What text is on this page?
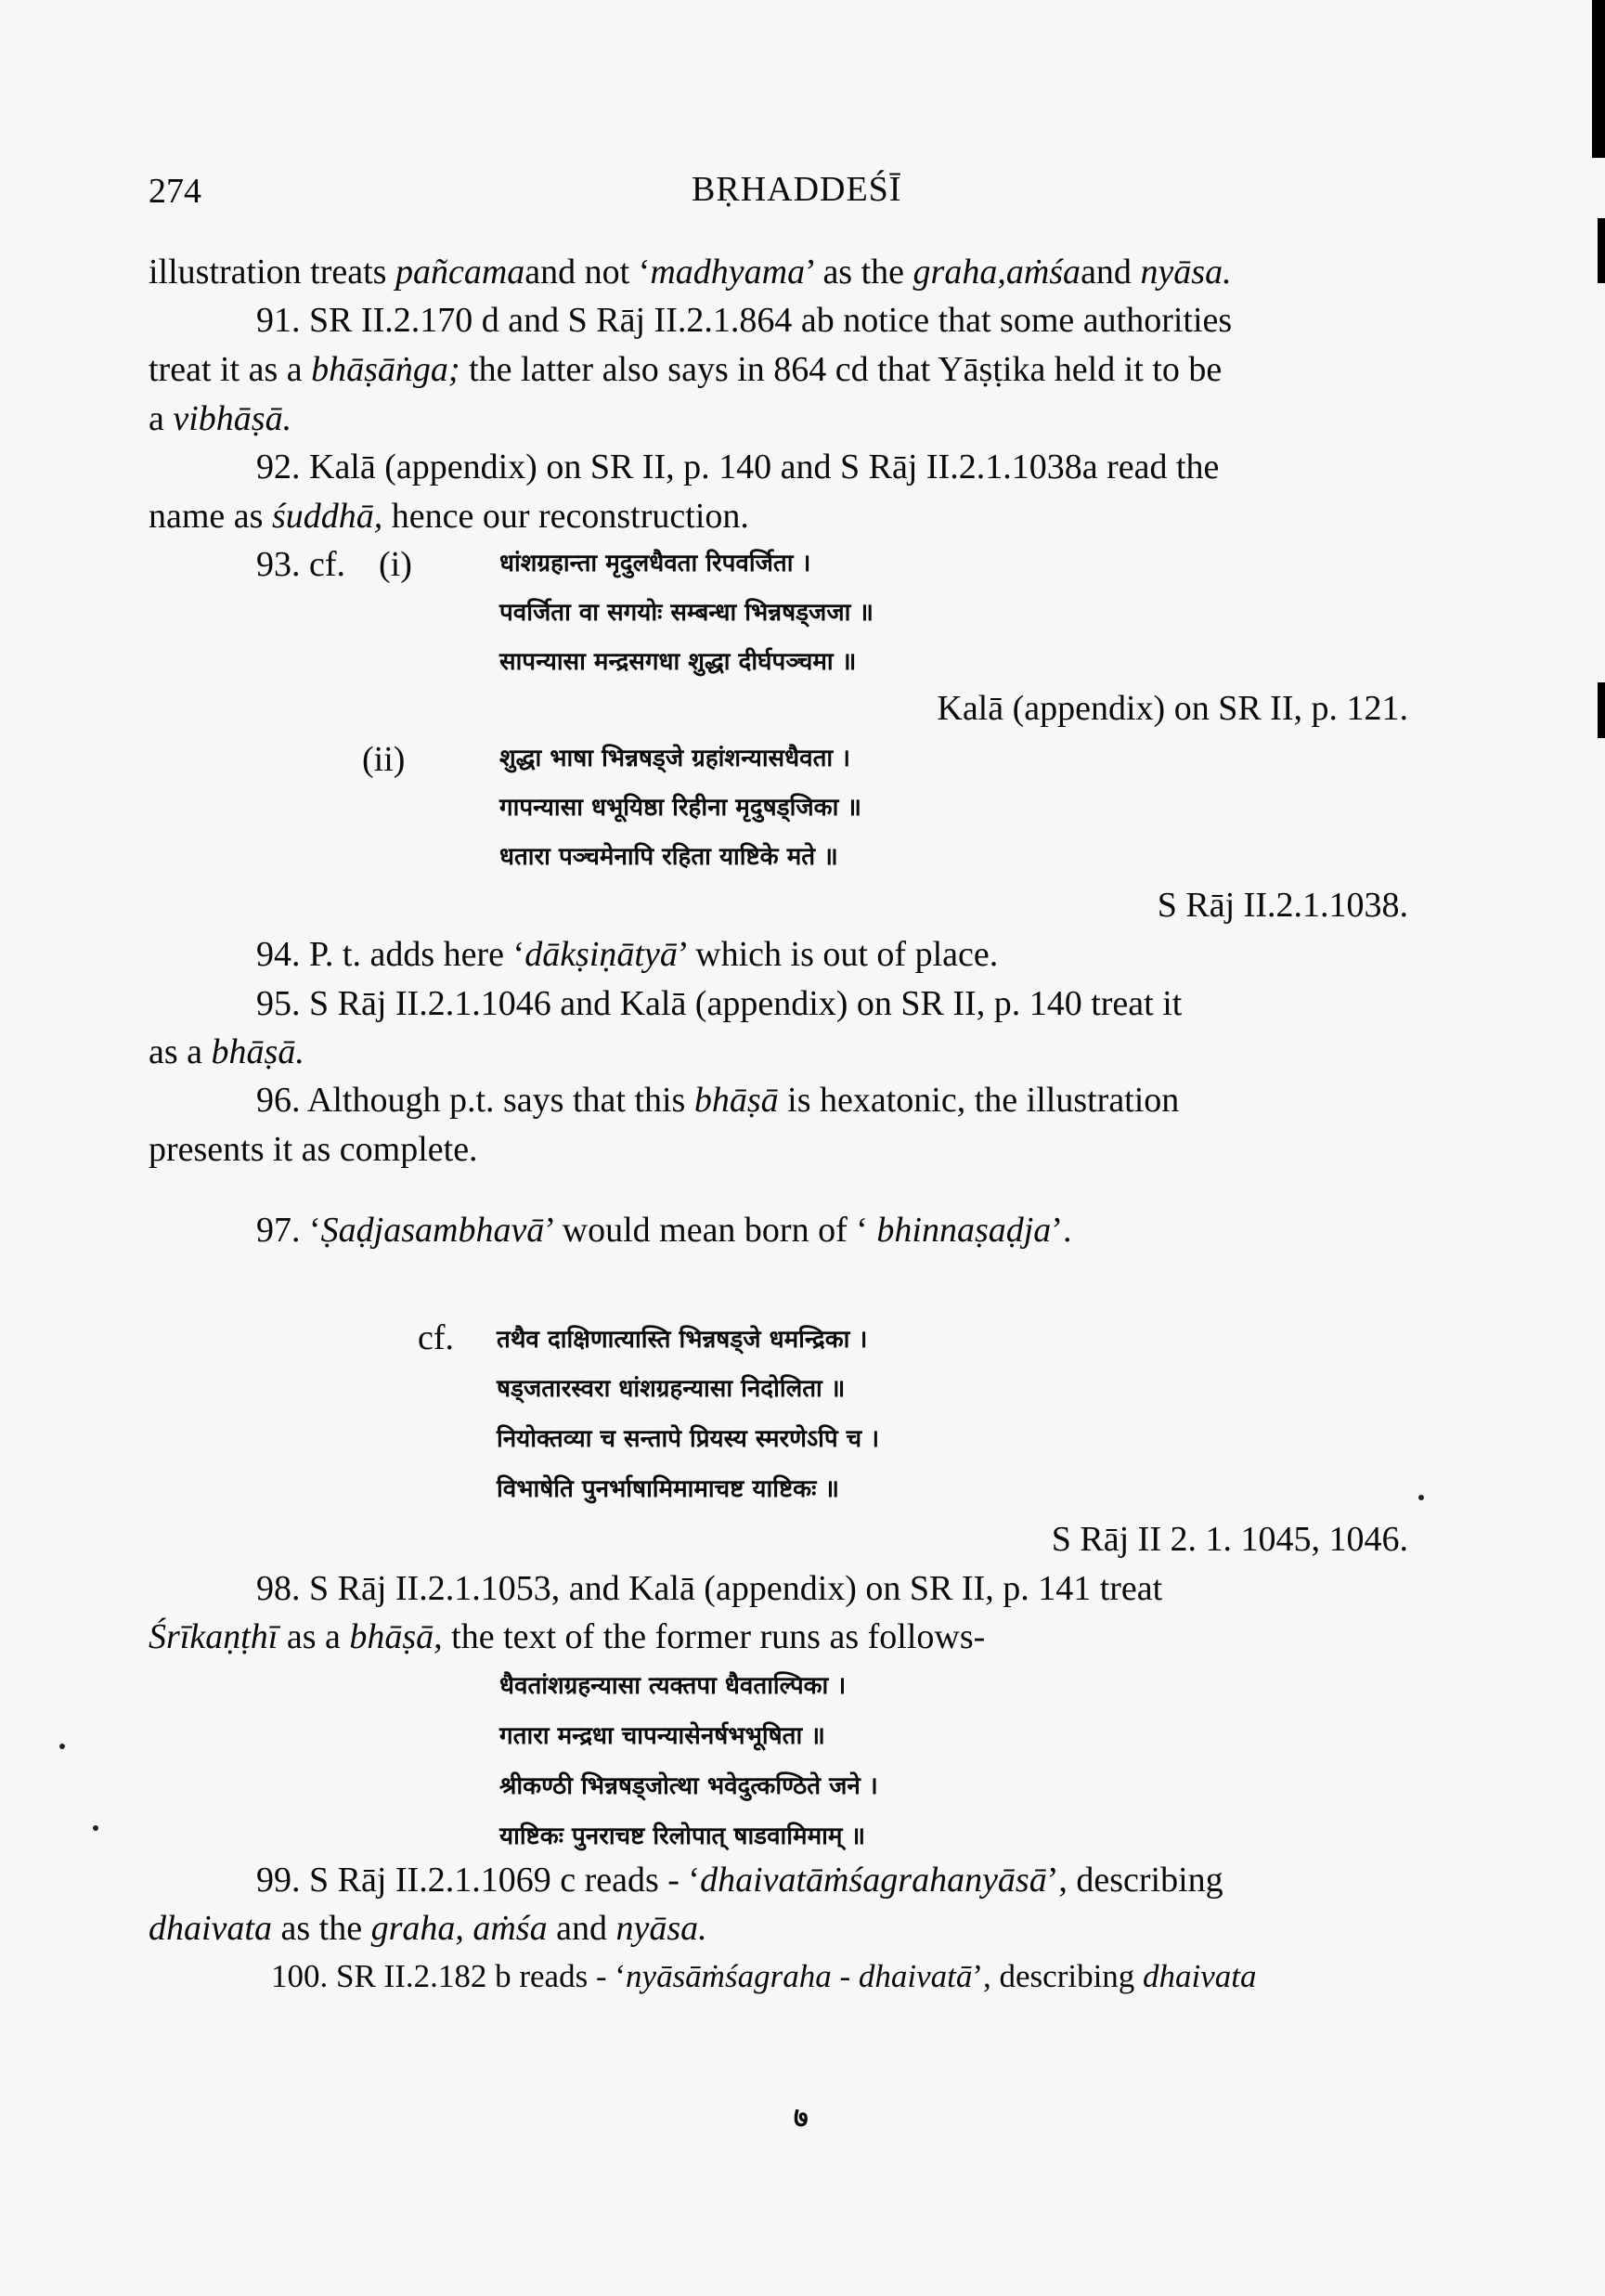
274	BṚHADDEŚĪ
illustration treats pañcamaand not ‘madhyama’ as the graha,aṁśaand nyāsa.
91. SR II.2.170 d and S Rāj II.2.1.864 ab notice that some authorities
treat it as a bhāṣāṅga; the latter also says in 864 cd that Yāṣṭika held it to be
a vibhāṣā.
92. Kalā (appendix) on SR II, p. 140 and S Rāj II.2.1.1038a read the
name as śuddhā, hence our reconstruction.
93. cf. (i)	धांशग्रहान्ता मृदुलधैवता रिपवर्जिता ।
पवर्जिता वा सगयोः सम्बन्धा भिन्नषड्जजा ॥
सापन्यासा मन्द्रसगधा शुद्धा दीर्घपञ्चमा ॥
Kalā (appendix) on SR II, p. 121.
(ii)	शुद्धा भाषा भिन्नषड्जे ग्रहांशन्यासधैवता ।
गापन्यासा धभूयिष्ठा रिहीना मृदुषड्जिका ॥
धतारा पञ्चमेनापि रहिता याष्टिके मते ॥
S Rāj II.2.1.1038.
94. P. t. adds here ‘dākṣiṇātyā’ which is out of place.
95. S Rāj II.2.1.1046 and Kalā (appendix) on SR II, p. 140 treat it
as a bhāṣā.
96. Although p.t. says that this bhāṣā is hexatonic, the illustration
presents it as complete.
97. ‘Ṣaḍjasambhavā’ would mean born of ‘ bhinnaṣaḍja’.
cf. तथैव दाक्षिणात्यास्ति भिन्नषड्जे धमन्द्रिका ।
षड्जतारस्वरा धांशग्रहन्यासा निदोलिता ॥
नियोक्तव्या च सन्तापे प्रियस्य स्मरणेऽपि च ।
विभाषेति पुनर्भाषामिमामाचष्ट याष्टिकः ॥
S Rāj II 2. 1. 1045, 1046.
98. S Rāj II.2.1.1053, and Kalā (appendix) on SR II, p. 141 treat
Śrīkaṇṭhī as a bhāṣā, the text of the former runs as follows-
धैवतांशग्रहन्यासा त्यक्तपा धैवताल्पिका ।
गतारा मन्द्रधा चापन्यासेनर्षभभूषिता ॥
श्रीकण्ठी भिन्नषड्जोत्था भवेदुत्कण्ठिते जने ।
याष्टिकः पुनराचष्ट रिलोपात् षाडवामिमाम् ॥
99. S Rāj II.2.1.1069 c reads - ‘dhaivatāṁśagrahanyāsā’, describing
dhaivata as the graha, aṁśa and nyāsa.
100. SR II.2.182 b reads - ‘nyāsāṁśagraha - dhaivatā’, describing dhaivata
७
